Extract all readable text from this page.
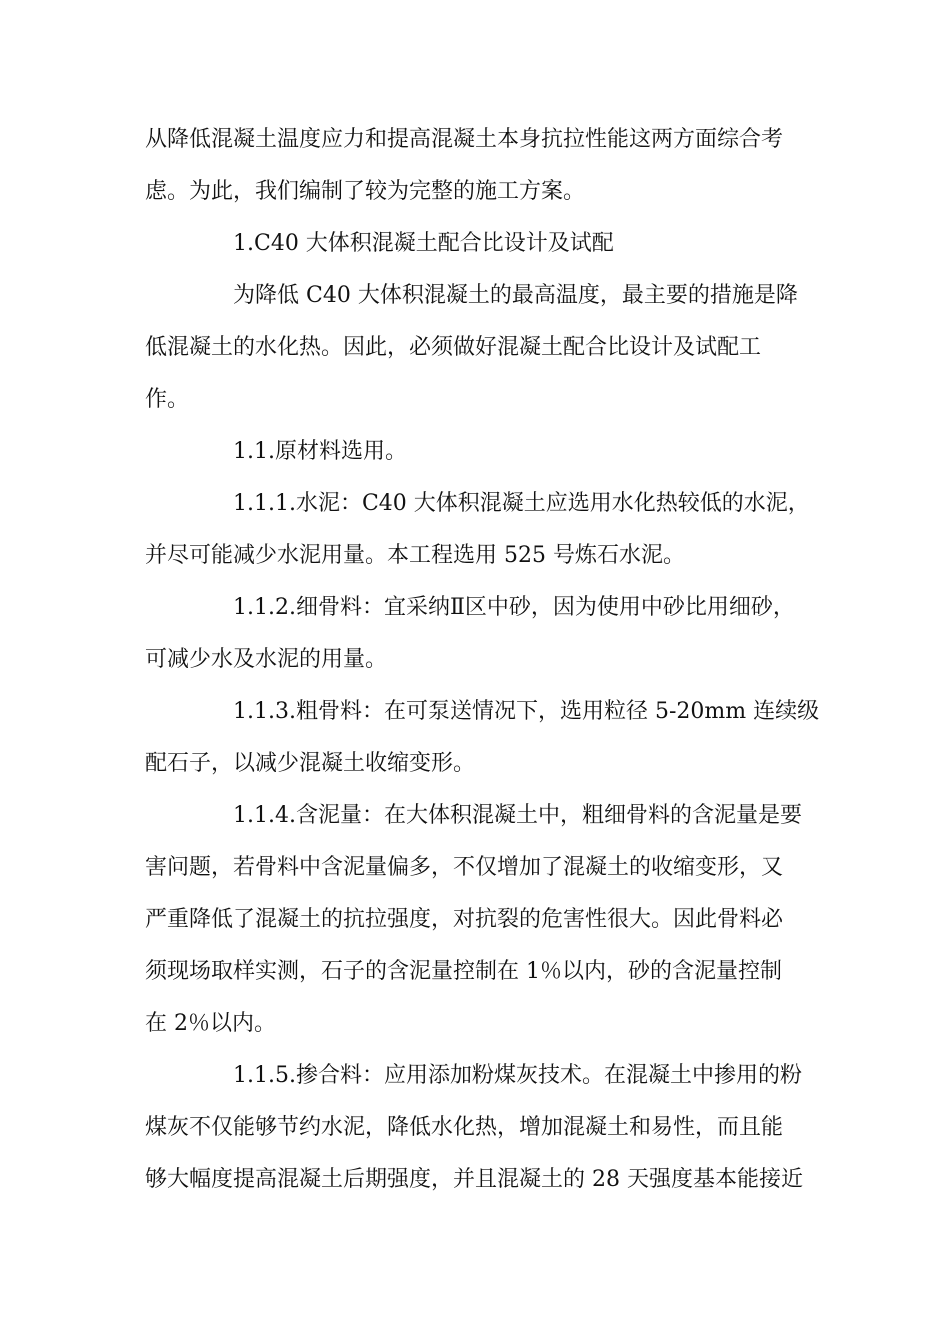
从降低混凝土温度应力和提高混凝土本身抗拉性能这两方面综合考
虑。为此，我们编制了较为完整的施工方案。
1.C40 大体积混凝土配合比设计及试配
为降低 C40 大体积混凝土的最高温度，最主要的措施是降
低混凝土的水化热。因此，必须做好混凝土配合比设计及试配工
作。
1.1.原材料选用。
1.1.1.水泥：C40 大体积混凝土应选用水化热较低的水泥，
并尽可能减少水泥用量。本工程选用 525 号炼石水泥。
1.1.2.细骨料：宜采纳Ⅱ区中砂，因为使用中砂比用细砂，
可减少水及水泥的用量。
1.1.3.粗骨料：在可泵送情况下，选用粒径 5-20mm 连续级
配石子，以减少混凝土收缩变形。
1.1.4.含泥量：在大体积混凝土中，粗细骨料的含泥量是要
害问题，若骨料中含泥量偏多，不仅增加了混凝土的收缩变形，又
严重降低了混凝土的抗拉强度，对抗裂的危害性很大。因此骨料必
须现场取样实测，石子的含泥量控制在 1％以内，砂的含泥量控制
在 2％以内。
1.1.5.掺合料：应用添加粉煤灰技术。在混凝土中掺用的粉
煤灰不仅能够节约水泥，降低水化热，增加混凝土和易性，而且能
够大幅度提高混凝土后期强度，并且混凝土的 28 天强度基本能接近
